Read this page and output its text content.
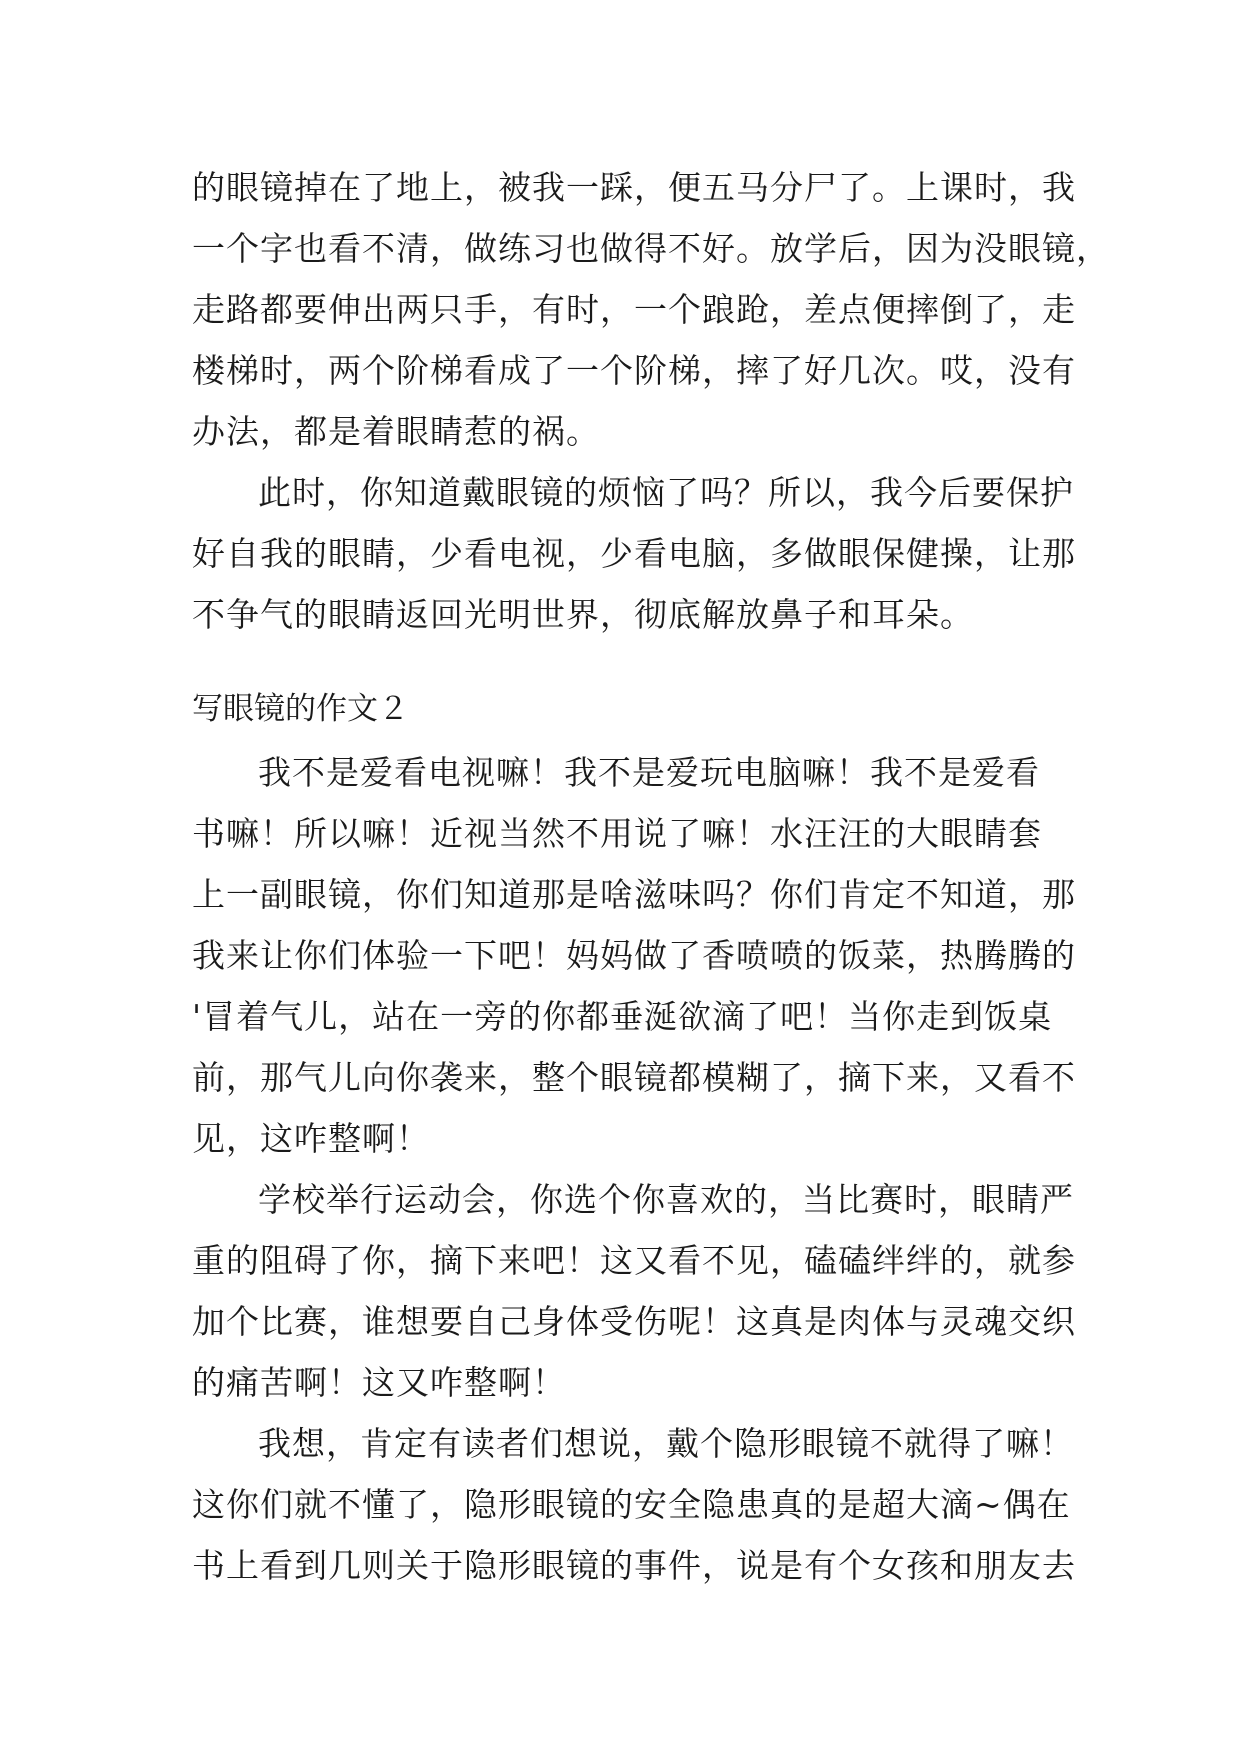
的眼镜掉在了地上，被我一踩，便五马分尸了。上课时，我
一个字也看不清，做练习也做得不好。放学后，因为没眼镜，
走路都要伸出两只手，有时，一个踉跄，差点便摔倒了，走
楼梯时，两个阶梯看成了一个阶梯，摔了好几次。哎，没有
办法，都是着眼睛惹的祸。
此时，你知道戴眼镜的烦恼了吗？所以，我今后要保护
好自我的眼睛，少看电视，少看电脑，多做眼保健操，让那
不争气的眼睛返回光明世界，彻底解放鼻子和耳朵。
写眼镜的作文２
我不是爱看电视嘛！我不是爱玩电脑嘛！我不是爱看
书嘛！所以嘛！近视当然不用说了嘛！水汪汪的大眼睛套
上一副眼镜，你们知道那是啥滋味吗？你们肯定不知道，那
我来让你们体验一下吧！妈妈做了香喷喷的饭菜，热腾腾的
'冒着气儿，站在一旁的你都垂涎欲滴了吧！当你走到饭桌
前，那气儿向你袭来，整个眼镜都模糊了，摘下来，又看不
见，这咋整啊！
学校举行运动会，你选个你喜欢的，当比赛时，眼睛严
重的阻碍了你，摘下来吧！这又看不见，磕磕绊绊的，就参
加个比赛，谁想要自己身体受伤呢！这真是肉体与灵魂交织
的痛苦啊！这又咋整啊！
我想，肯定有读者们想说，戴个隐形眼镜不就得了嘛！
这你们就不懂了，隐形眼镜的安全隐患真的是超大滴~偶在
书上看到几则关于隐形眼镜的事件，说是有个女孩和朋友去
